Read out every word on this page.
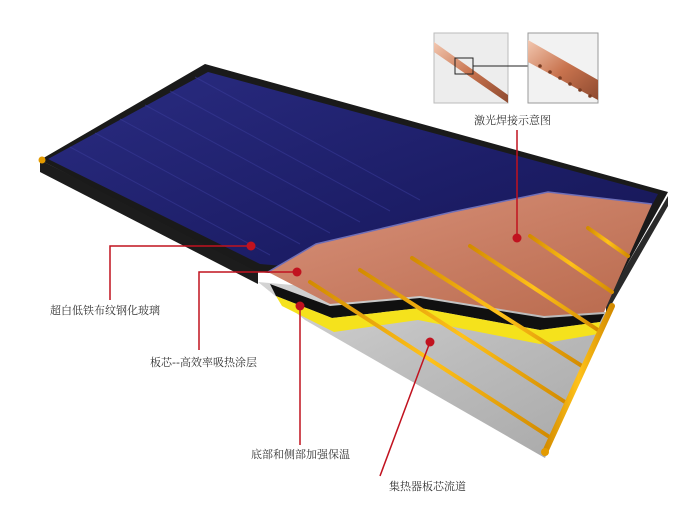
激光焊接示意图
超白低铁布纹钢化玻璃
板芯--高效率吸热涂层
底部和侧部加强保温
集热器板芯流道
